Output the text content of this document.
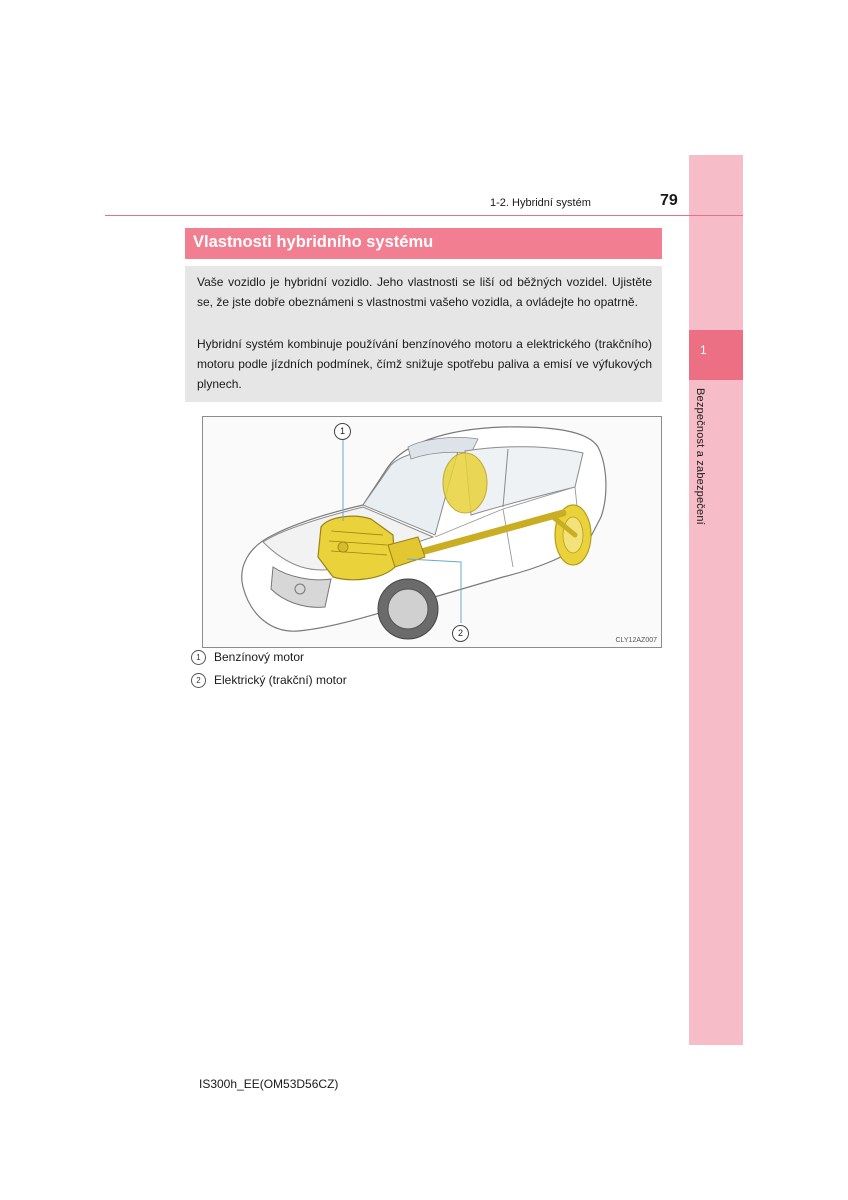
1
Bezpečnost a zabezpečení
1-2. Hybridní systém	79
Vlastnosti hybridního systému

Vaše vozidlo je hybridní vozidlo. Jeho vlastnosti se liší od běžných vozidel. Ujistěte se, že jste dobře obeznámeni s vlastnostmi vašeho vozidla, a ovládejte ho opatrně.

Hybridní systém kombinuje používání benzínového motoru a elektrického (trakčního) motoru podle jízdních podmínek, čímž snižuje spotřebu paliva a emisí ve výfukových plynech.

1
2
CLY12AZ007
1	Benzínový motor
2	Elektrický (trakční) motor
IS300h_EE(OM53D56CZ)
